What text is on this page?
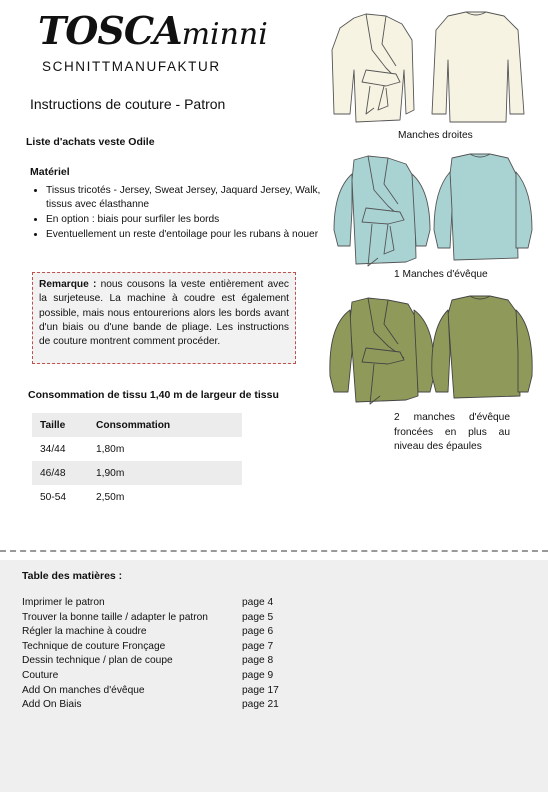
TOSCAminni
SCHNITTMANUFAKTUR
Instructions de couture - Patron
Liste d'achats veste Odile
Matériel
• Tissus tricotés - Jersey, Sweat Jersey, Jaquard Jersey, Walk, tissus avec élasthanne
• En option : biais pour surfiler les bords
• Eventuellement un reste d'entoilage pour les rubans à nouer
Remarque : nous cousons la veste entièrement avec la surjeteuse. La machine à coudre est également possible, mais nous entourerions alors les bords avant d'un biais ou d'une bande de pliage. Les instructions de couture montrent comment procéder.
Consommation de tissu 1,40 m de largeur de tissu
Taille	Consommation
34/44	1,80m
46/48	1,90m
50-54	2,50m
Manches droites
1 Manches d'évêque
2 manches d'évêque froncées en plus au niveau des épaules
Table des matières :
Imprimer le patron	page 4
Trouver la bonne taille / adapter le patron	page 5
Régler la machine à coudre	page 6
Technique de couture Fronçage	page 7
Dessin technique / plan de coupe	page 8
Couture	page 9
Add On manches d'évêque	page 17
Add On Biais	page 21
